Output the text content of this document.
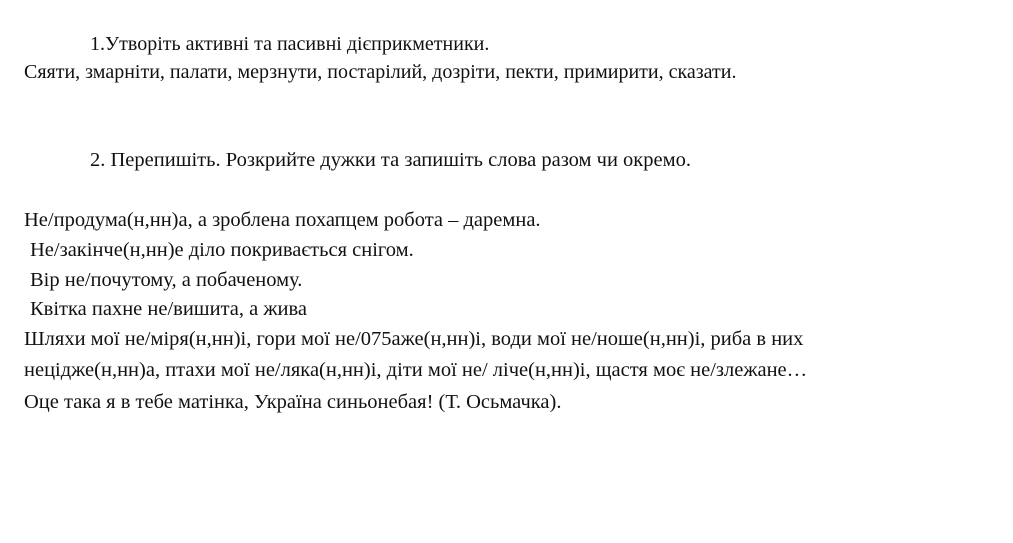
1.Утворіть активні та пасивні дієприкметники.
Сяяти, змарніти, палати, мерзнути, постарілий, дозріти, пекти, примирити, сказати.
2. Перепишіть. Розкрийте дужки та запишіть слова разом чи окремо.
Не/продума(н,нн)а, а зроблена похапцем робота – даремна.
Не/закінче(н,нн)е діло покривається снігом.
Вір не/почутому, а побаченому.
Квітка пахне не/вишита, а жива
Шляхи мої не/міря(н,нн)і, гори мої не/075аже(н,нн)і, води мої не/ноше(н,нн)і, риба в них
нецідже(н,нн)а, птахи мої не/ляка(н,нн)і, діти мої не/ ліче(н,нн)і, щастя моє не/злежане…
Оце така я в тебе матінка, Україна синьонебая! (Т. Осьмачка).
